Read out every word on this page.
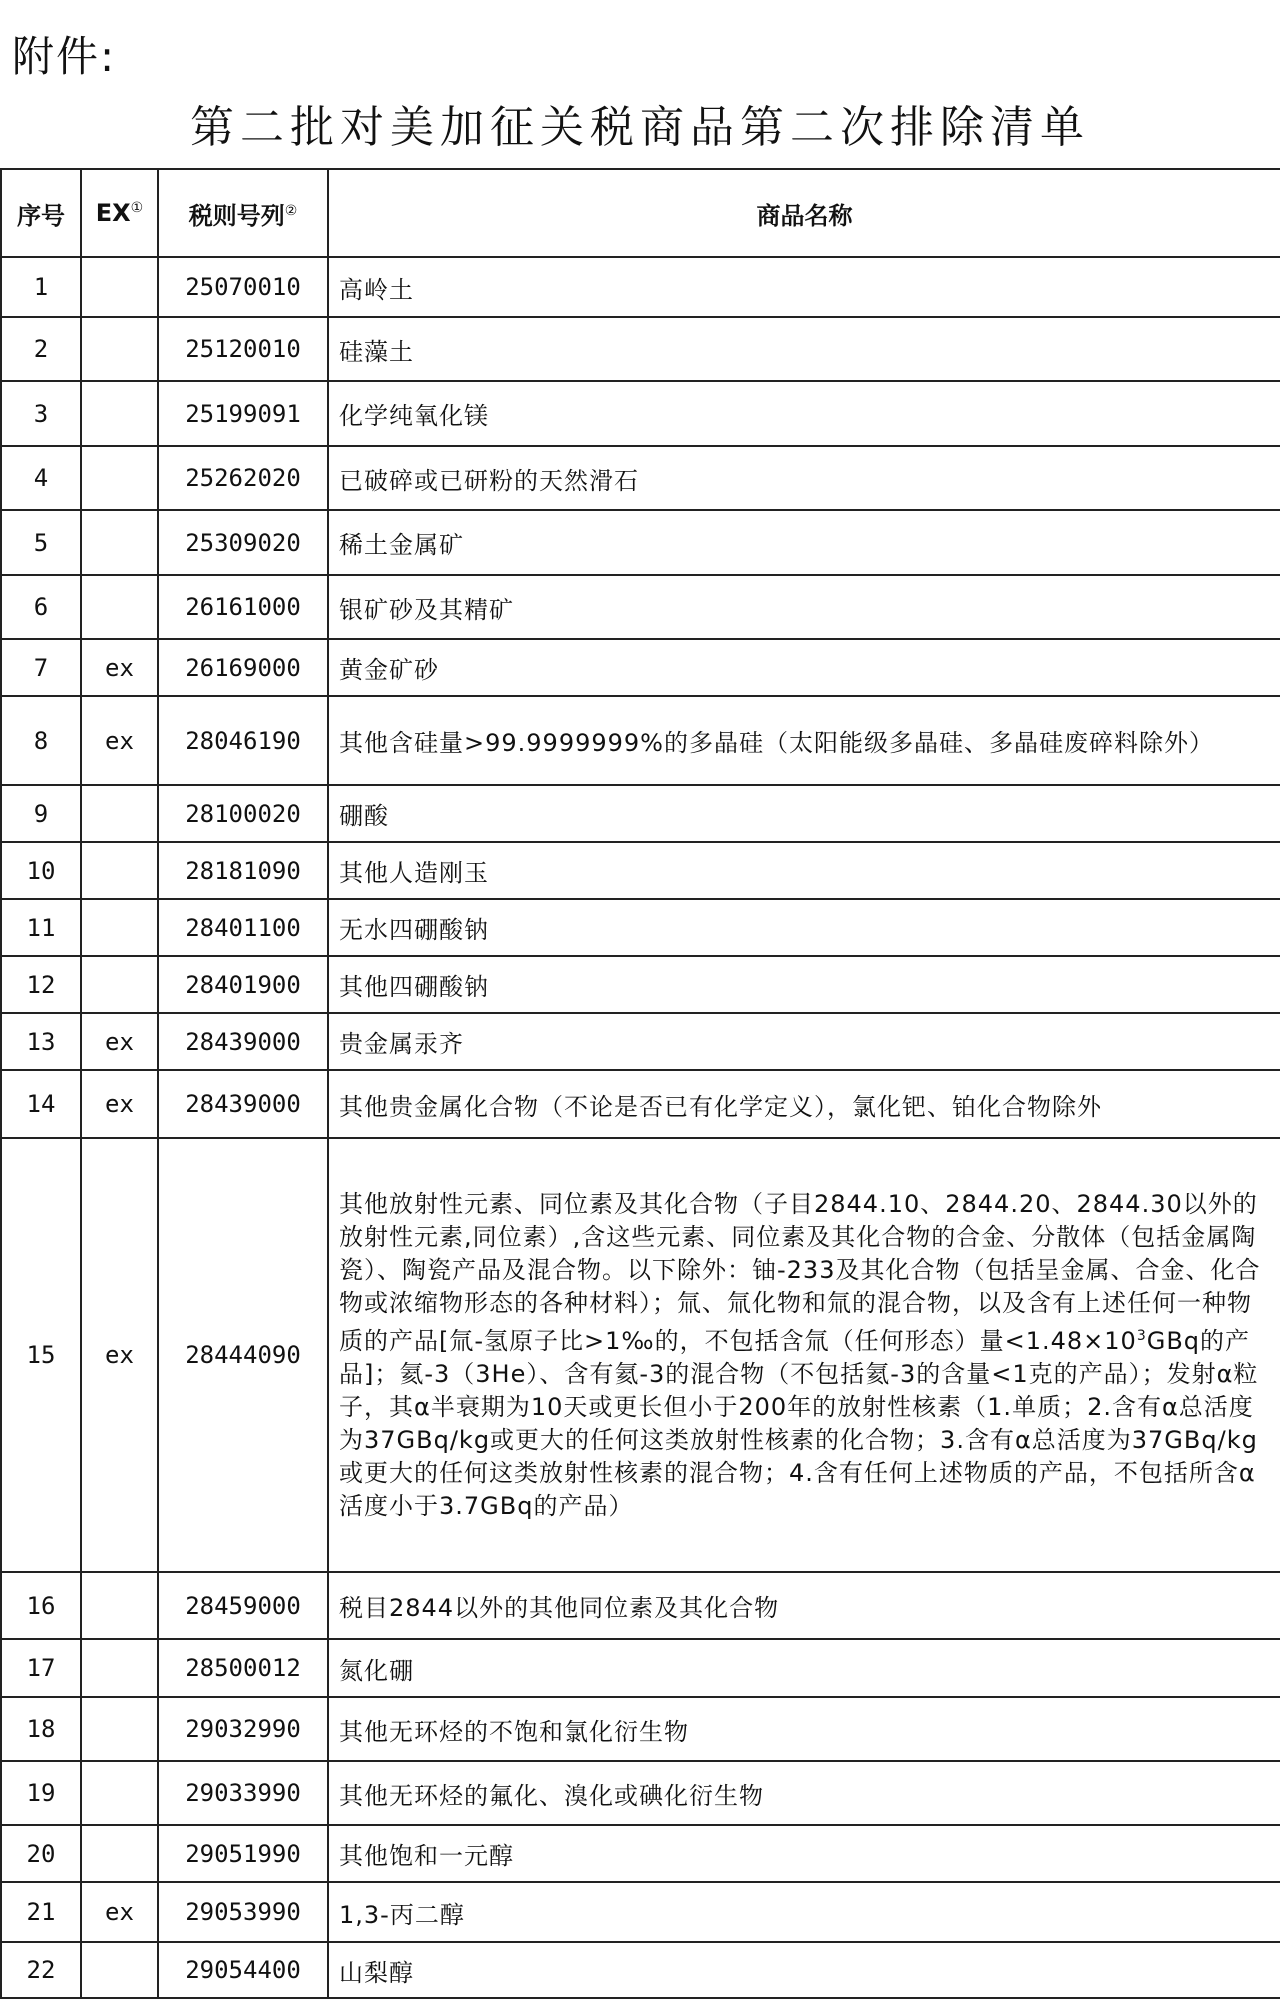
附件:
第二批对美加征关税商品第二次排除清单
序号	EX①	税则号列②	商品名称
1		25070010	高岭土
2		25120010	硅藻土
3		25199091	化学纯氧化镁
4		25262020	已破碎或已研粉的天然滑石
5		25309020	稀土金属矿
6		26161000	银矿砂及其精矿
7	ex	26169000	黄金矿砂
8	ex	28046190	其他含硅量>99.9999999%的多晶硅（太阳能级多晶硅、多晶硅废碎料除外）
9		28100020	硼酸
10		28181090	其他人造刚玉
11		28401100	无水四硼酸钠
12		28401900	其他四硼酸钠
13	ex	28439000	贵金属汞齐
14	ex	28439000	其他贵金属化合物（不论是否已有化学定义），氯化钯、铂化合物除外
15	ex	28444090	其他放射性元素、同位素及其化合物（子目2844.10、2844.20、2844.30以外的放射性元素,同位素）,含这些元素、同位素及其化合物的合金、分散体（包括金属陶瓷）、陶瓷产品及混合物。以下除外：铀-233及其化合物（包括呈金属、合金、化合物或浓缩物形态的各种材料）；氚、氚化物和氚的混合物，以及含有上述任何一种物质的产品[氚-氢原子比>1‰的，不包括含氚（任何形态）量$<1.48\times 10^3GBq$的产品]；氦-3（3He）、含有氦-3的混合物（不包括氦-3的含量<1克的产品）；发射α粒子，其α半衰期为10天或更长但小于200年的放射性核素（1.单质；2.含有α总活度为37GBq/kg或更大的任何这类放射性核素的化合物；3.含有α总活度为37GBq/kg或更大的任何这类放射性核素的混合物；4.含有任何上述物质的产品，不包括所含α活度小于3.7GBq的产品）
16		28459000	税目2844以外的其他同位素及其化合物
17		28500012	氮化硼
18		29032990	其他无环烃的不饱和氯化衍生物
19		29033990	其他无环烃的氟化、溴化或碘化衍生物
20		29051990	其他饱和一元醇
21	ex	29053990	1,3-丙二醇
22		29054400	山梨醇
